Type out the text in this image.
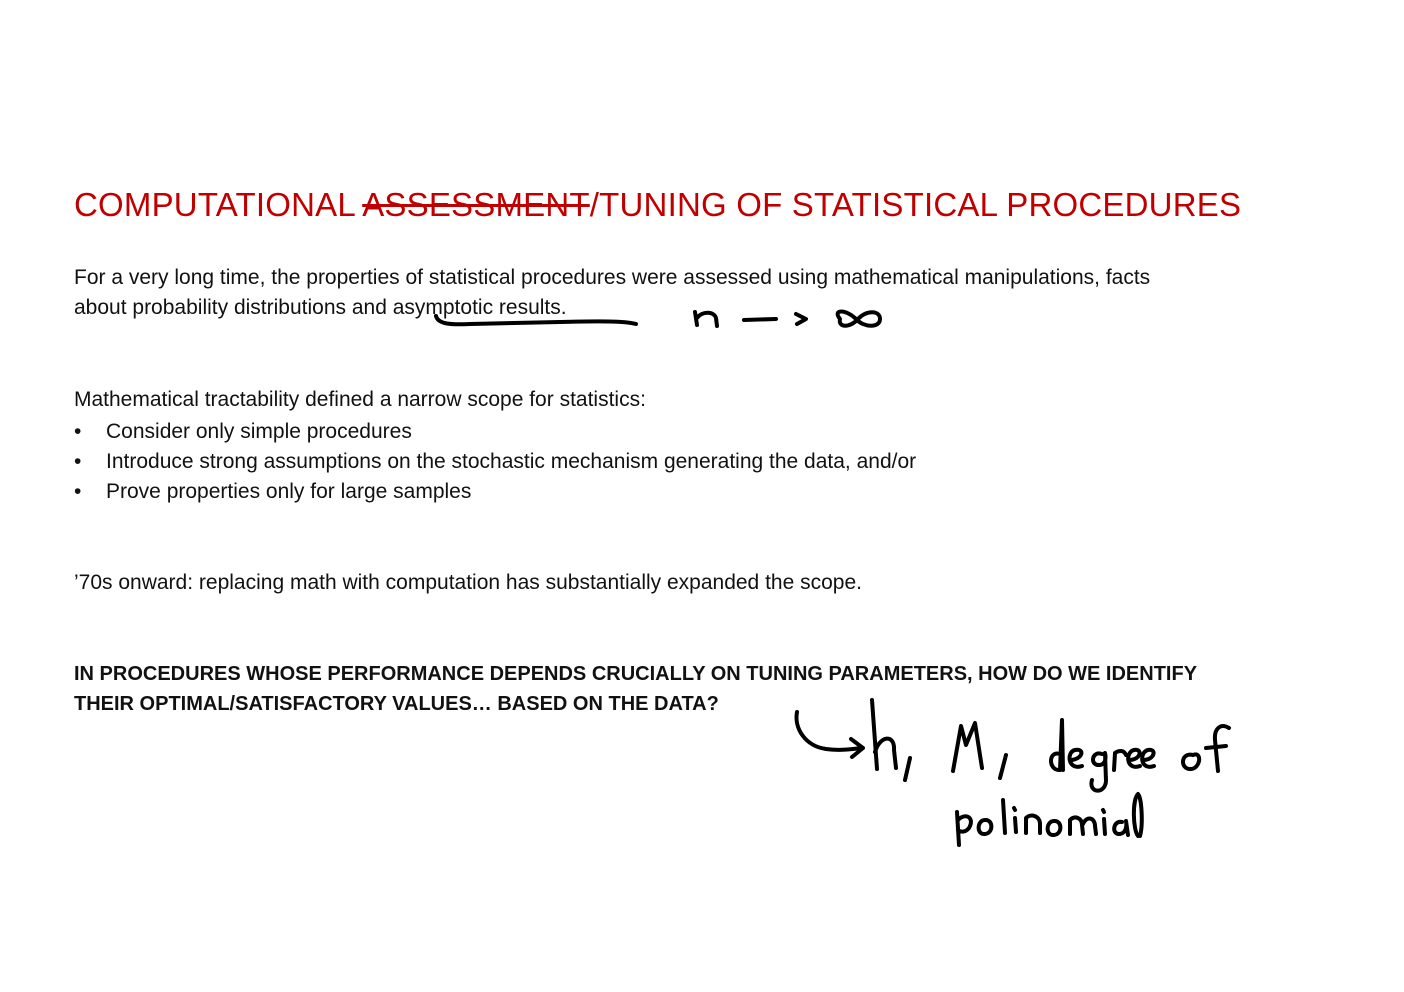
COMPUTATIONAL ASSESSMENT/TUNING OF STATISTICAL PROCEDURES
For a very long time, the properties of statistical procedures were assessed using mathematical manipulations, facts
about probability distributions and asymptotic results.
Mathematical tractability defined a narrow scope for statistics:
• Consider only simple procedures
• Introduce strong assumptions on the stochastic mechanism generating the data, and/or
• Prove properties only for large samples
’70s onward: replacing math with computation has substantially expanded the scope.
IN PROCEDURES WHOSE PERFORMANCE DEPENDS CRUCIALLY ON TUNING PARAMETERS, HOW DO WE IDENTIFY
THEIR OPTIMAL/SATISFACTORY VALUES… BASED ON THE DATA?
